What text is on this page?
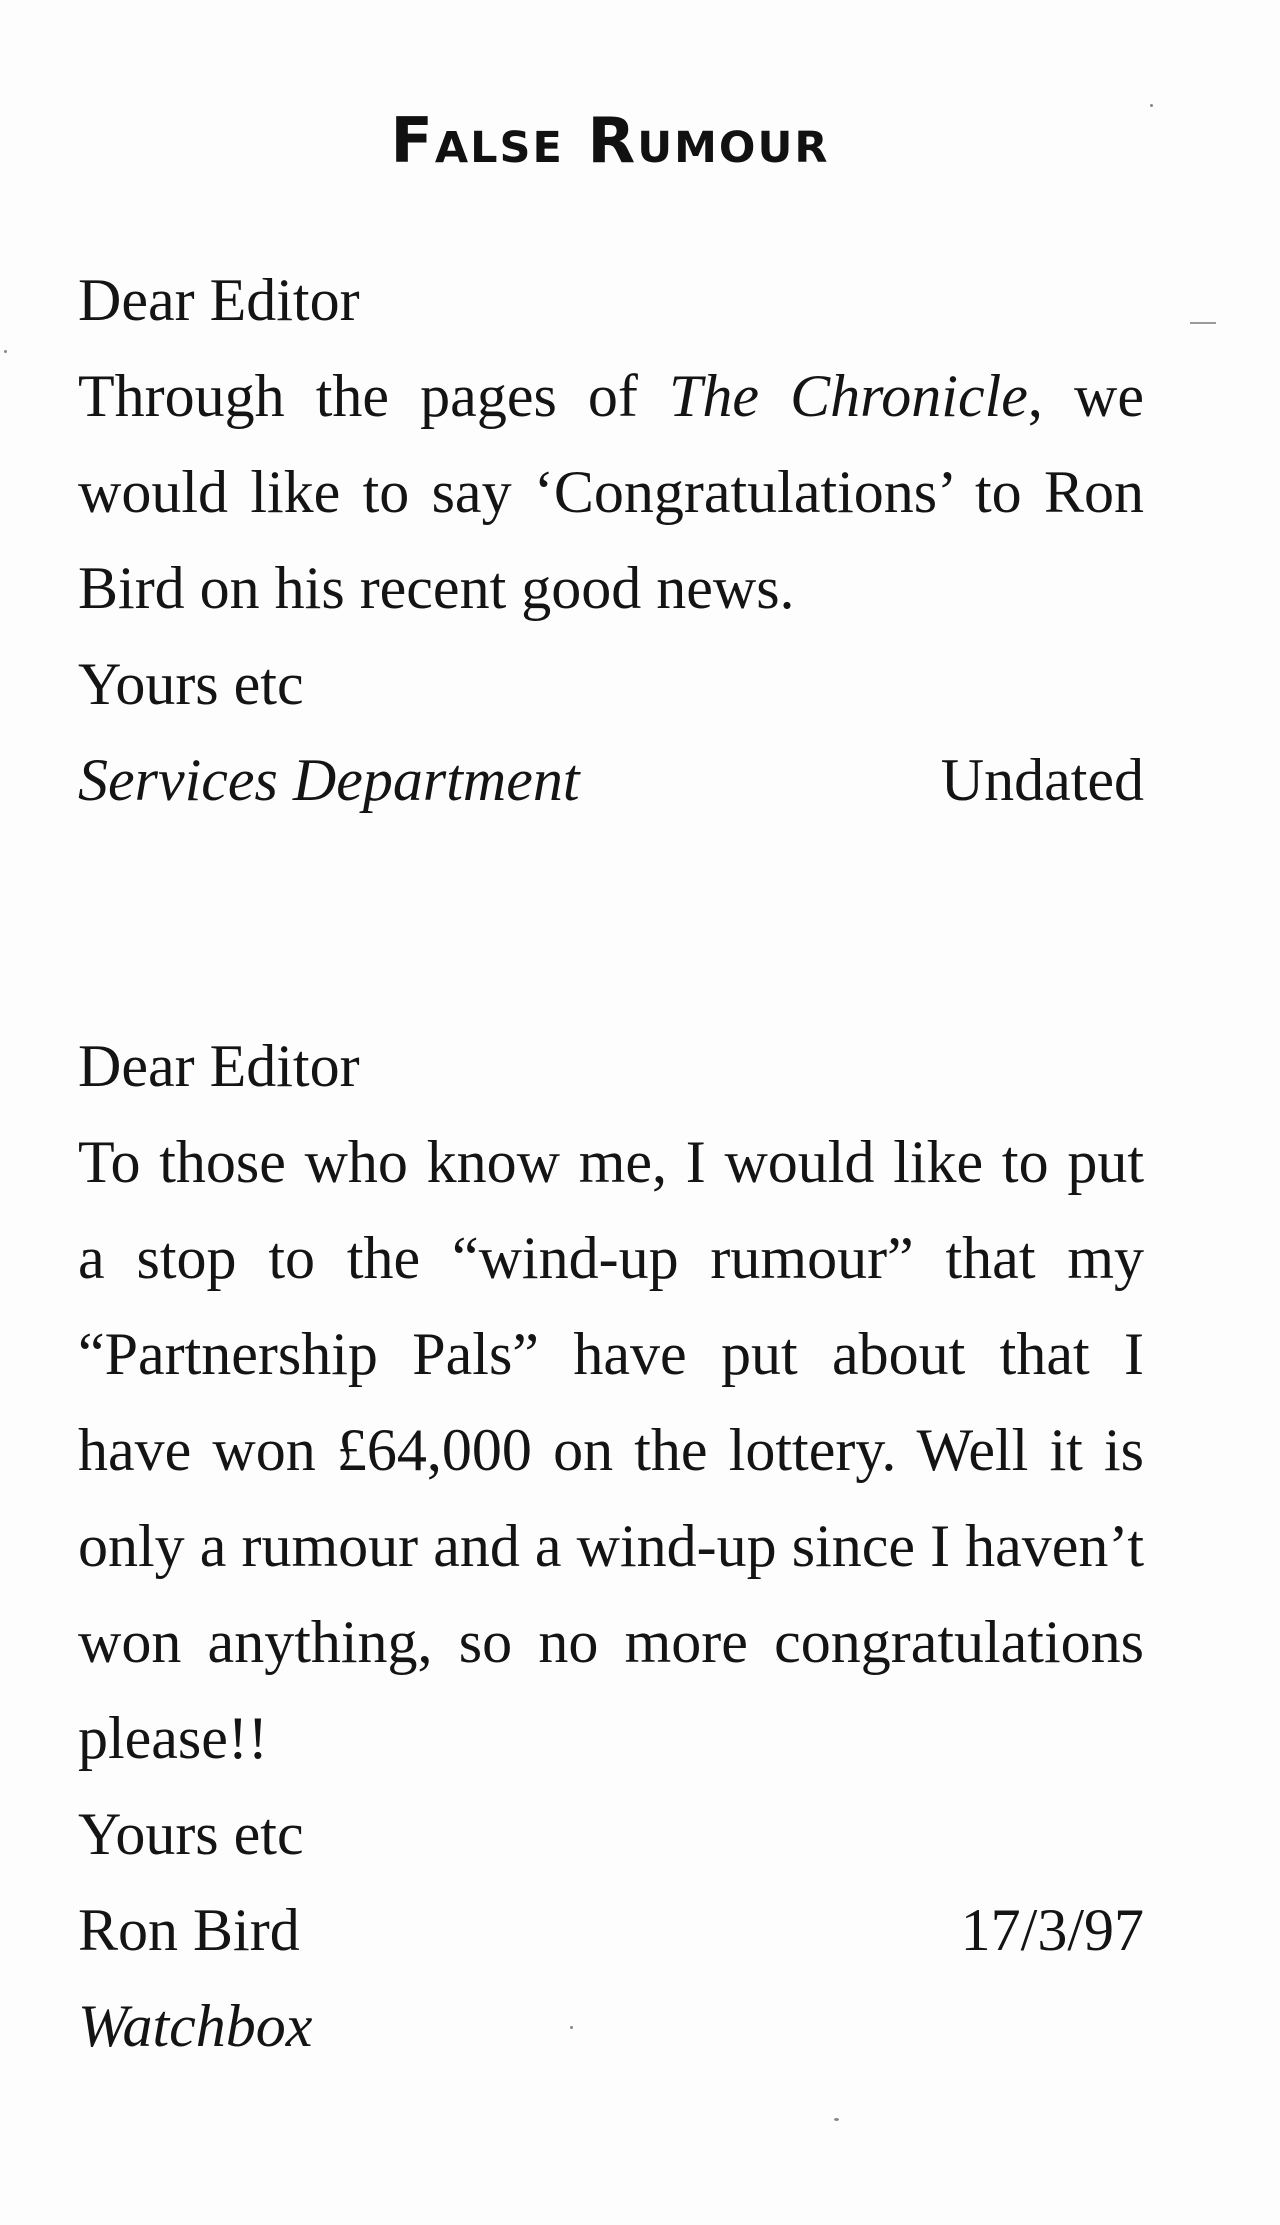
False Rumour

Dear Editor

Through the pages of The Chronicle, we would like to say ‘Congratulations’ to Ron Bird on his recent good news.

Yours etc

Services Department	Undated

Dear Editor

To those who know me, I would like to put a stop to the “wind-up rumour” that my “Partnership Pals” have put about that I have won £64,000 on the lottery. Well it is only a rumour and a wind-up since I haven’t won anything, so no more congratulations please!!

Yours etc

Ron Bird	17/3/97

Watchbox
